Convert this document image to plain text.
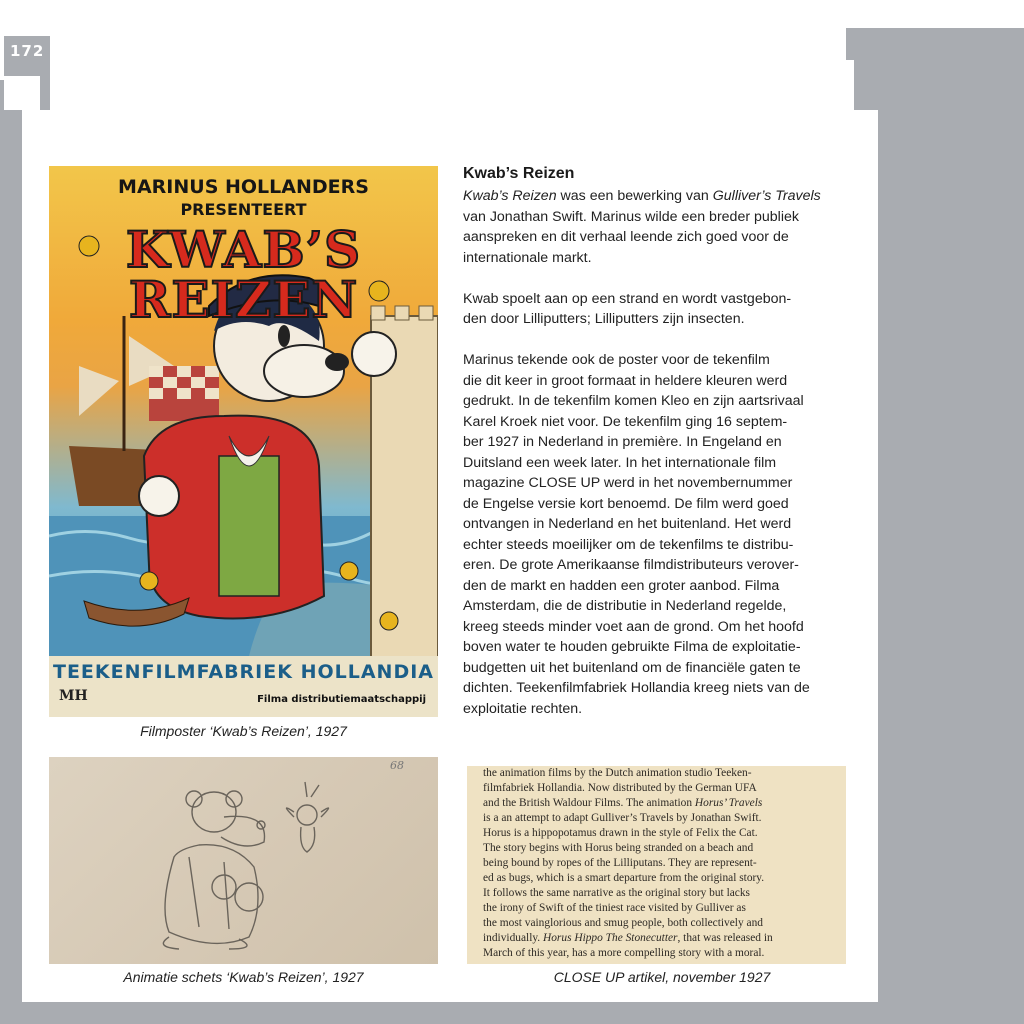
172
MARINUS HOLLANDERS
PRESENTEERT
KWAB’S
REIZEN
TEEKENFILMFABRIEK HOLLANDIA
MH	Filma distributiemaatschappij
Filmposter ‘Kwab’s Reizen’, 1927
Kwab’s Reizen

Kwab’s Reizen was een bewerking van Gulliver’s Travels
van Jonathan Swift. Marinus wilde een breder publiek
aanspreken en dit verhaal leende zich goed voor de
internationale markt.

Kwab spoelt aan op een strand en wordt vastgebon-
den door Lilliputters; Lilliputters zijn insecten.

Marinus tekende ook de poster voor de tekenfilm
die dit keer in groot formaat in heldere kleuren werd
gedrukt. In de tekenfilm komen Kleo en zijn aartsrivaal
Karel Kroek niet voor. De tekenfilm ging 16 septem-
ber 1927 in Nederland in première. In Engeland en
Duitsland een week later. In het internationale film
magazine CLOSE UP werd in het novembernummer
de Engelse versie kort benoemd. De film werd goed
ontvangen in Nederland en het buitenland. Het werd
echter steeds moeilijker om de tekenfilms te distribu-
eren. De grote Amerikaanse filmdistributeurs verover-
den de markt en hadden een groter aanbod. Filma
Amsterdam, die de distributie in Nederland regelde,
kreeg steeds minder voet aan de grond. Om het hoofd
boven water te houden gebruikte Filma de exploitatie-
budgetten uit het buitenland om de financiële gaten te
dichten. Teekenfilmfabriek Hollandia kreeg niets van de
exploitatie rechten.

68
Animatie schets ‘Kwab’s Reizen’, 1927
the animation films by the Dutch animation studio Teeken-
filmfabriek Hollandia. Now distributed by the German UFA
and the British Waldour Films. The animation Horus’ Travels
is a an attempt to adapt Gulliver’s Travels by Jonathan Swift.
Horus is a hippopotamus drawn in the style of Felix the Cat.
The story begins with Horus being stranded on a beach and
being bound by ropes of the Lilliputans. They are represent-
ed as bugs, which is a smart departure from the original story.
It follows the same narrative as the original story but lacks
the irony of Swift of the tiniest race visited by Gulliver as
the most vainglorious and smug people, both collectively and
individually. Horus Hippo The Stonecutter, that was released in
March of this year, has a more compelling story with a moral.
CLOSE UP artikel, november 1927
